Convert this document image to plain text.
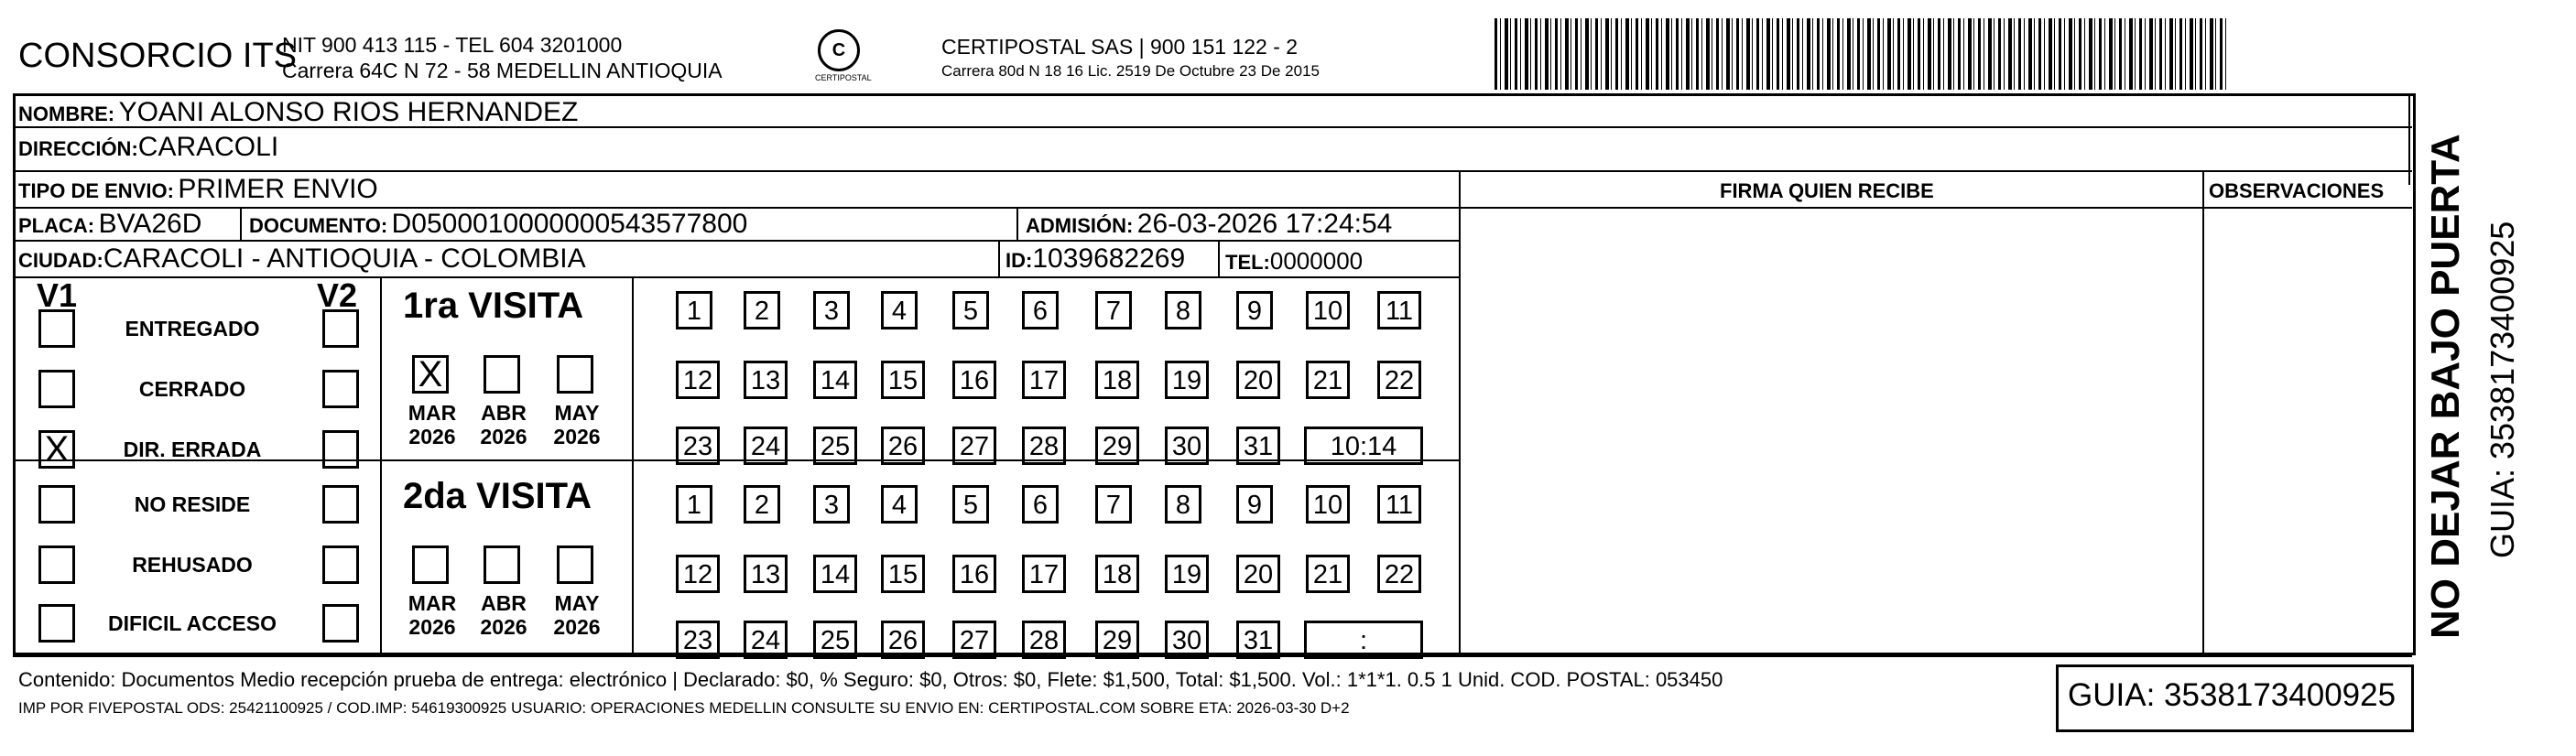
CONSORCIO ITS
NIT 900 413 115 - TEL 604 3201000
Carrera 64C N 72 - 58 MEDELLIN ANTIOQUIA
C
CERTIPOSTAL
CERTIPOSTAL SAS | 900 151 122 - 2
Carrera 80d N 18 16 Lic. 2519 De Octubre 23 De 2015
NOMBRE: YOANI ALONSO RIOS HERNANDEZ
DIRECCIÓN:CARACOLI
TIPO DE ENVIO: PRIMER ENVIO
PLACA: BVA26D DOCUMENTO: D0500010000000543577800	ADMISIÓN: 26-03-2026 17:24:54
CIUDAD:CARACOLI - ANTIOQUIA - COLOMBIA	ID:1039682269 TEL:0000000
FIRMA QUIEN RECIBE	OBSERVACIONES
V1	V2
ENTREGADO
CERRADO
X	DIR. ERRADA
NO RESIDE
REHUSADO
DIFICIL ACCESO
1ra VISITA
2da VISITA
X
MAR
2026
ABR
2026
MAY
2026
MAR
2026
ABR
2026
MAY
2026
1	2	3	4	5	6	7	8	9	10	11
12 13 14 15 16 17 18 19 20 21 22
23 24 25 26 27 28 29 30 31	10:14
1	2	3	4	5	6	7	8	9	10	11
12 13 14 15 16 17 18 19 20 21 22
23 24 25 26 27 28 29 30 31	:
Contenido: Documentos Medio recepción prueba de entrega: electrónico | Declarado: $0, % Seguro: $0, Otros: $0, Flete: $1,500, Total: $1,500. Vol.: 1*1*1. 0.5 1 Unid. COD. POSTAL: 053450
IMP POR FIVEPOSTAL ODS: 25421100925 / COD.IMP: 54619300925 USUARIO: OPERACIONES MEDELLIN CONSULTE SU ENVIO EN: CERTIPOSTAL.COM SOBRE ETA: 2026-03-30 D+2	GUIA: 3538173400925
NO DEJAR BAJO PUERTA GUIA: 3538173400925
